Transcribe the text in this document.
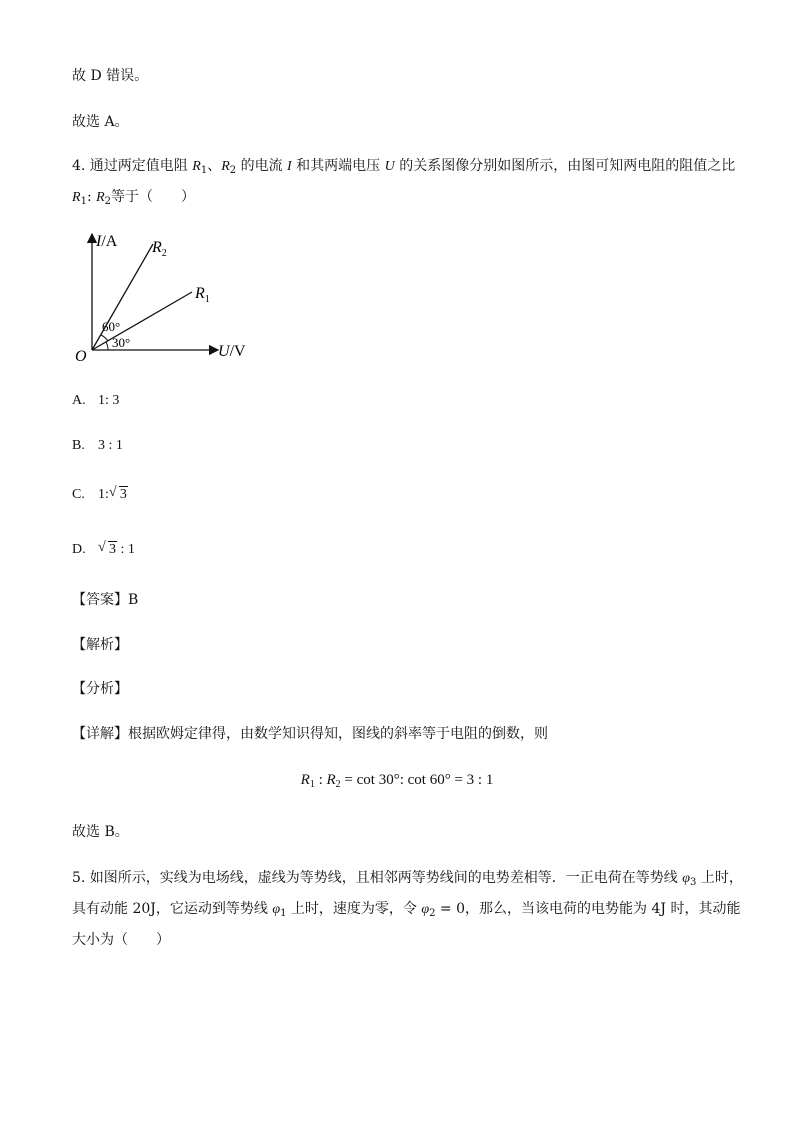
故 D 错误。
故选 A。
4. 通过两定值电阻 $R_1$、$R_2$ 的电流 I 和其两端电压 U 的关系图像分别如图所示，由图可知两电阻的阻值之比
$R_1$: $R_2$等于（　　）
I/A
U/V
O
$R_2$
$R_1$
60°
30°
A. 1: 3
B. 3 : 1
C. 1: √ 3
D. √ 3 : 1
【答案】B
【解析】
【分析】
【详解】根据欧姆定律得，由数学知识得知，图线的斜率等于电阻的倒数，则
$R_1$ : $R_2 = \cot 30^\circ$: cot 60° = 3 : 1
故选 B。
5. 如图所示，实线为电场线，虚线为等势线，且相邻两等势线间的电势差相等．一正电荷在等势线 $\varphi_3$ 上时，
具有动能 20J，它运动到等势线 $\varphi_1$ 上时，速度为零，令 $\varphi_2 = 0$，那么，当该电荷的电势能为 4J 时，其动能
大小为（　　）
